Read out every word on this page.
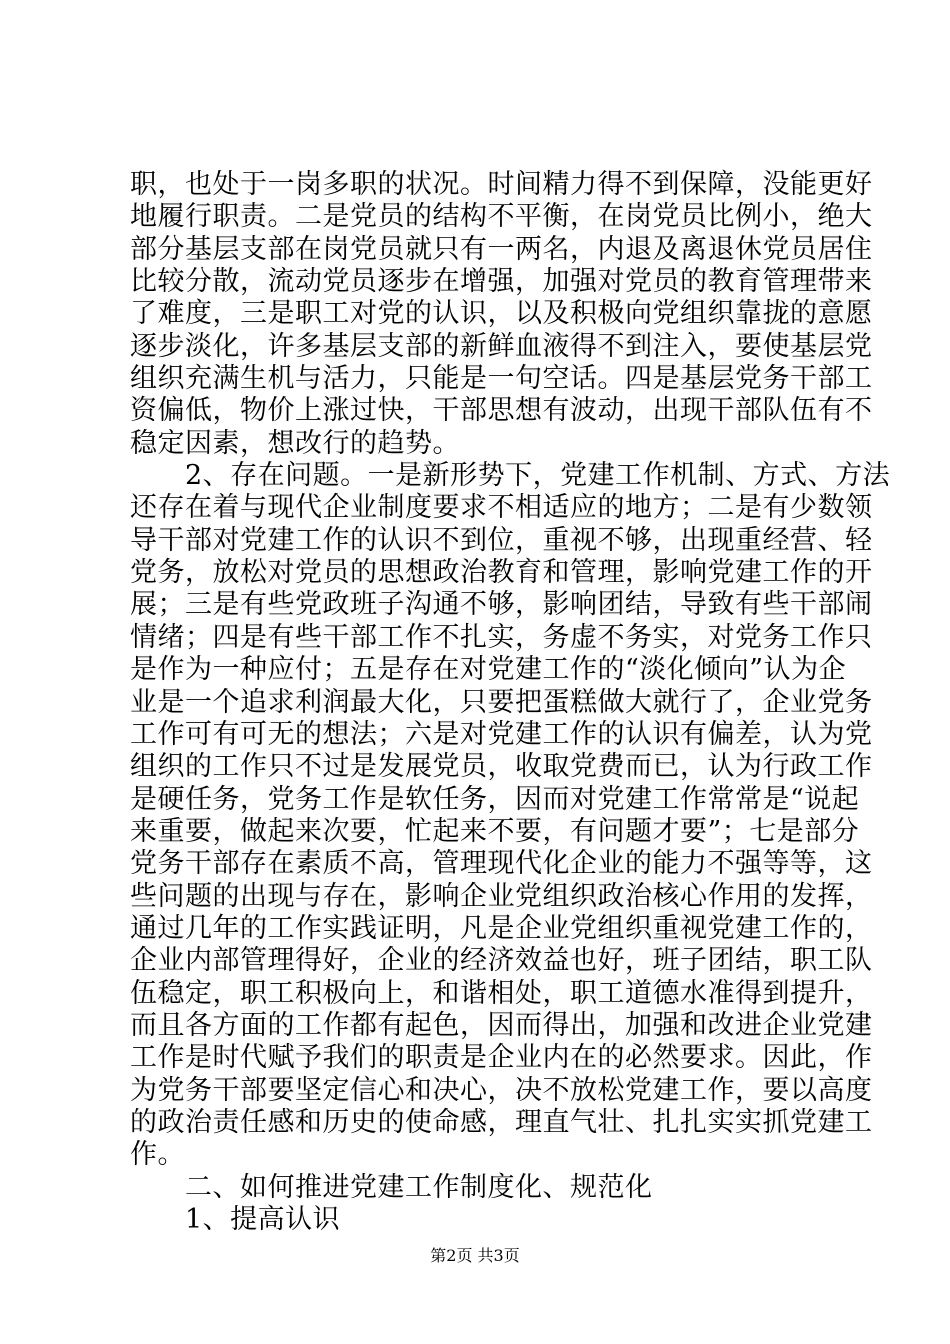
职，也处于一岗多职的状况。时间精力得不到保障，没能更好
地履行职责。二是党员的结构不平衡，在岗党员比例小，绝大
部分基层支部在岗党员就只有一两名，内退及离退休党员居住
比较分散，流动党员逐步在增强，加强对党员的教育管理带来
了难度，三是职工对党的认识，以及积极向党组织靠拢的意愿
逐步淡化，许多基层支部的新鲜血液得不到注入，要使基层党
组织充满生机与活力，只能是一句空话。四是基层党务干部工
资偏低，物价上涨过快，干部思想有波动，出现干部队伍有不
稳定因素，想改行的趋势。
　　2、存在问题。一是新形势下，党建工作机制、方式、方法
还存在着与现代企业制度要求不相适应的地方；二是有少数领
导干部对党建工作的认识不到位，重视不够，出现重经营、轻
党务，放松对党员的思想政治教育和管理，影响党建工作的开
展；三是有些党政班子沟通不够，影响团结，导致有些干部闹
情绪；四是有些干部工作不扎实，务虚不务实，对党务工作只
是作为一种应付；五是存在对党建工作的“淡化倾向”认为企
业是一个追求利润最大化，只要把蛋糕做大就行了，企业党务
工作可有可无的想法；六是对党建工作的认识有偏差，认为党
组织的工作只不过是发展党员，收取党费而已，认为行政工作
是硬任务，党务工作是软任务，因而对党建工作常常是“说起
来重要，做起来次要，忙起来不要，有问题才要”；七是部分
党务干部存在素质不高，管理现代化企业的能力不强等等，这
些问题的出现与存在，影响企业党组织政治核心作用的发挥，
通过几年的工作实践证明，凡是企业党组织重视党建工作的，
企业内部管理得好，企业的经济效益也好，班子团结，职工队
伍稳定，职工积极向上，和谐相处，职工道德水准得到提升，
而且各方面的工作都有起色，因而得出，加强和改进企业党建
工作是时代赋予我们的职责是企业内在的必然要求。因此，作
为党务干部要坚定信心和决心，决不放松党建工作，要以高度
的政治责任感和历史的使命感，理直气壮、扎扎实实抓党建工
作。
　　二、如何推进党建工作制度化、规范化
　　1、提高认识
第2页 共3页
